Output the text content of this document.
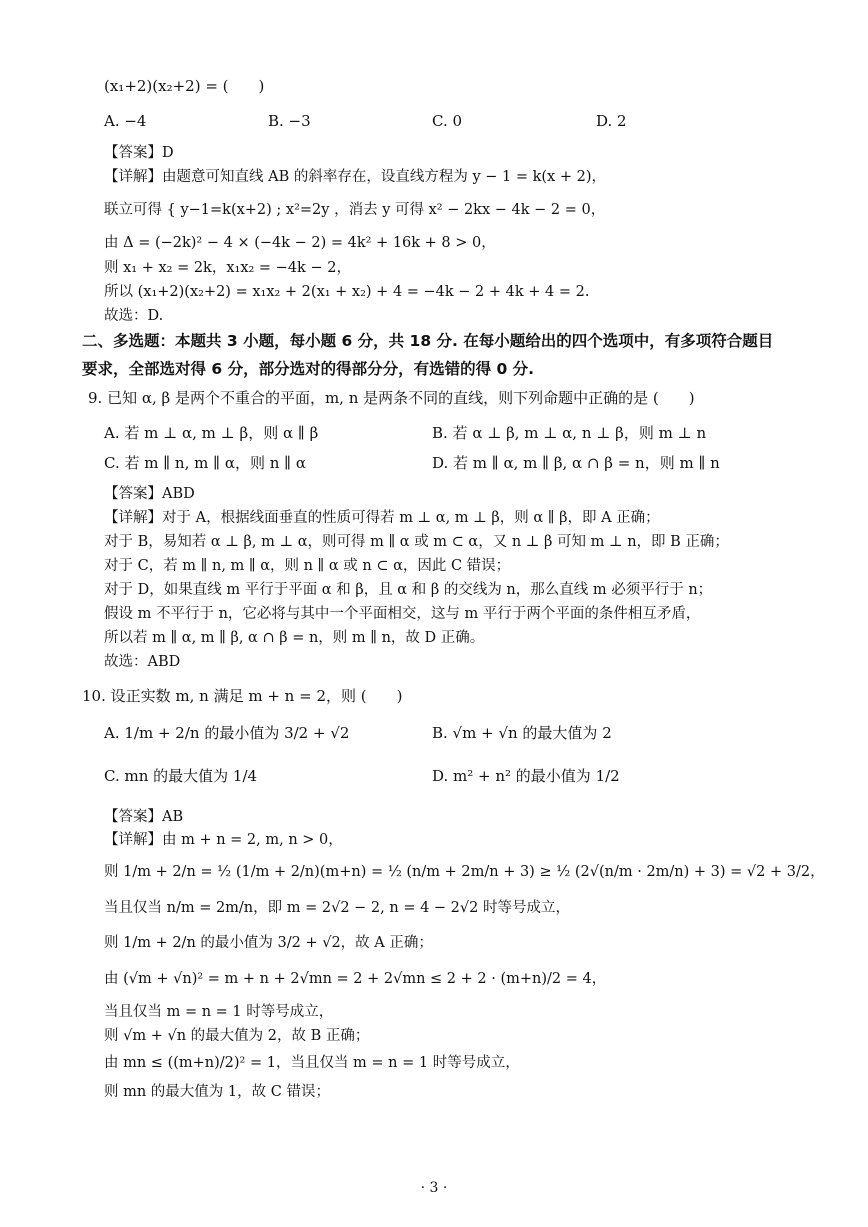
(x₁+2)(x₂+2) = (　　)
A. −4	B. −3	C. 0	D. 2
【答案】D
【详解】由题意可知直线 AB 的斜率存在，设直线方程为 y − 1 = k(x + 2)，
联立可得 { y−1=k(x+2) ; x²=2y ，消去 y 可得 x² − 2kx − 4k − 2 = 0，
由 Δ = (−2k)² − 4 × (−4k − 2) = 4k² + 16k + 8 > 0，
则 x₁ + x₂ = 2k，x₁x₂ = −4k − 2，
所以 (x₁+2)(x₂+2) = x₁x₂ + 2(x₁ + x₂) + 4 = −4k − 2 + 4k + 4 = 2.
故选：D.
二、多选题：本题共 3 小题，每小题 6 分，共 18 分. 在每小题给出的四个选项中，有多项符合题目
要求，全部选对得 6 分，部分选对的得部分分，有选错的得 0 分.
9. 已知 α, β 是两个不重合的平面，m, n 是两条不同的直线，则下列命题中正确的是 (　　)
A. 若 m ⊥ α, m ⊥ β，则 α ∥ β	B. 若 α ⊥ β, m ⊥ α, n ⊥ β，则 m ⊥ n
C. 若 m ∥ n, m ∥ α，则 n ∥ α	D. 若 m ∥ α, m ∥ β, α ∩ β = n，则 m ∥ n
【答案】ABD
【详解】对于 A，根据线面垂直的性质可得若 m ⊥ α, m ⊥ β，则 α ∥ β，即 A 正确；
对于 B，易知若 α ⊥ β, m ⊥ α，则可得 m ∥ α 或 m ⊂ α，又 n ⊥ β 可知 m ⊥ n，即 B 正确；
对于 C，若 m ∥ n, m ∥ α，则 n ∥ α 或 n ⊂ α，因此 C 错误；
对于 D，如果直线 m 平行于平面 α 和 β，且 α 和 β 的交线为 n，那么直线 m 必须平行于 n；
假设 m 不平行于 n，它必将与其中一个平面相交，这与 m 平行于两个平面的条件相互矛盾，
所以若 m ∥ α, m ∥ β, α ∩ β = n，则 m ∥ n，故 D 正确。
故选：ABD
10. 设正实数 m, n 满足 m + n = 2，则 (　　)
A. 1/m + 2/n 的最小值为 3/2 + √2	B. √m + √n 的最大值为 2
C. mn 的最大值为 1/4	D. m² + n² 的最小值为 1/2
【答案】AB
【详解】由 m + n = 2, m, n > 0，
则 1/m + 2/n = ½ (1/m + 2/n)(m+n) = ½ (n/m + 2m/n + 3) ≥ ½ (2√(n/m · 2m/n) + 3) = √2 + 3/2，
当且仅当 n/m = 2m/n，即 m = 2√2 − 2, n = 4 − 2√2 时等号成立，
则 1/m + 2/n 的最小值为 3/2 + √2，故 A 正确；
由 (√m + √n)² = m + n + 2√mn = 2 + 2√mn ≤ 2 + 2 · (m+n)/2 = 4，
当且仅当 m = n = 1 时等号成立，
则 √m + √n 的最大值为 2，故 B 正确；
由 mn ≤ ((m+n)/2)² = 1，当且仅当 m = n = 1 时等号成立，
则 mn 的最大值为 1，故 C 错误；
· 3 ·
